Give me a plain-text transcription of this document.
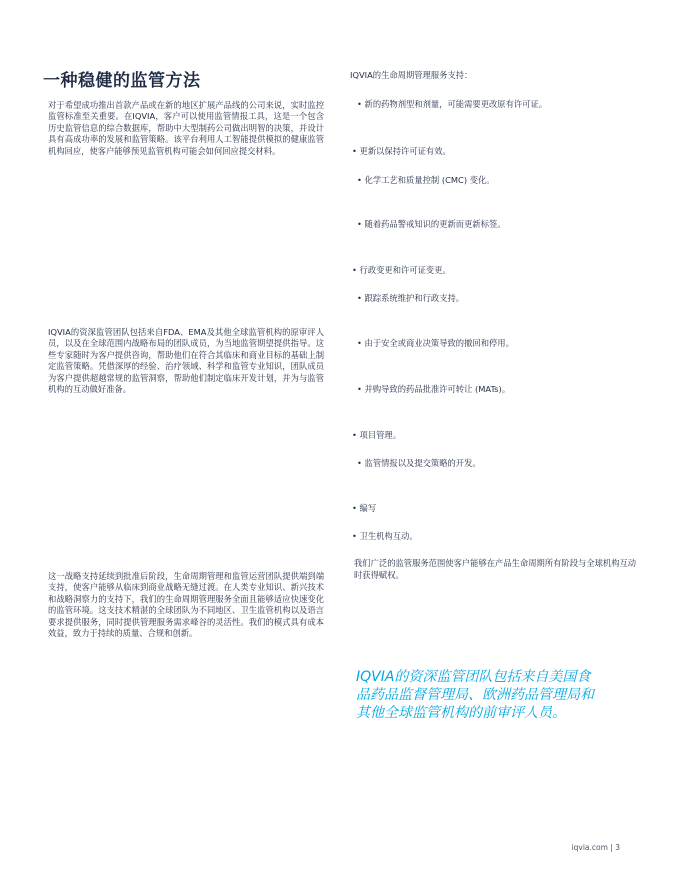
一种稳健的监管方法

对于希望成功推出首款产品或在新的地区扩展产品线的公司来说，实时监控监管标准至关重要。在IQVIA，客户可以使用监管情报工具，这是一个包含历史监管信息的综合数据库，帮助中大型制药公司做出明智的决策，并设计具有高成功率的发展和监管策略。该平台利用人工智能提供模拟的健康监管机构回应，使客户能够预见监管机构可能会如何回应提交材料。

IQVIA的资深监管团队包括来自FDA、EMA及其他全球监管机构的原审评人员，以及在全球范围内战略布局的团队成员，为当地监管期望提供指导。这些专家随时为客户提供咨询，帮助他们在符合其临床和商业目标的基础上制定监管策略。凭借深厚的经验、治疗领域、科学和监管专业知识，团队成员为客户提供超越常规的监管洞察，帮助他们制定临床开发计划，并为与监管机构的互动做好准备。

这一战略支持延续到批准后阶段，生命周期管理和监管运营团队提供端到端支持，使客户能够从临床到商业战略无缝过渡。在人类专业知识、新兴技术和战略洞察力的支持下，我们的生命周期管理服务全面且能够适应快速变化的监管环境。这支技术精湛的全球团队为不同地区、卫生监管机构以及语言要求提供服务，同时提供管理服务需求峰谷的灵活性。我们的模式具有成本效益，致力于持续的质量、合规和创新。

IQVIA的生命周期管理服务支持：

• 新的药物剂型和剂量，可能需要更改原有许可证。

• 更新以保持许可证有效。

• 化学工艺和质量控制 (CMC) 变化。

• 随着药品警戒知识的更新而更新标签。

• 行政变更和许可证变更。

• 跟踪系统维护和行政支持。

• 由于安全或商业决策导致的撤回和停用。

• 并购导致的药品批准许可转让 (MATs)。

• 项目管理。

• 监管情报以及提交策略的开发。

• 编写

• 卫生机构互动。

我们广泛的监管服务范围使客户能够在产品生命周期所有阶段与全球机构互动时获得赋权。

IQVIA的资深监管团队包括来自美国食品药品监督管理局、欧洲药品管理局和其他全球监管机构的前审评人员。

iqvia.com | 3
